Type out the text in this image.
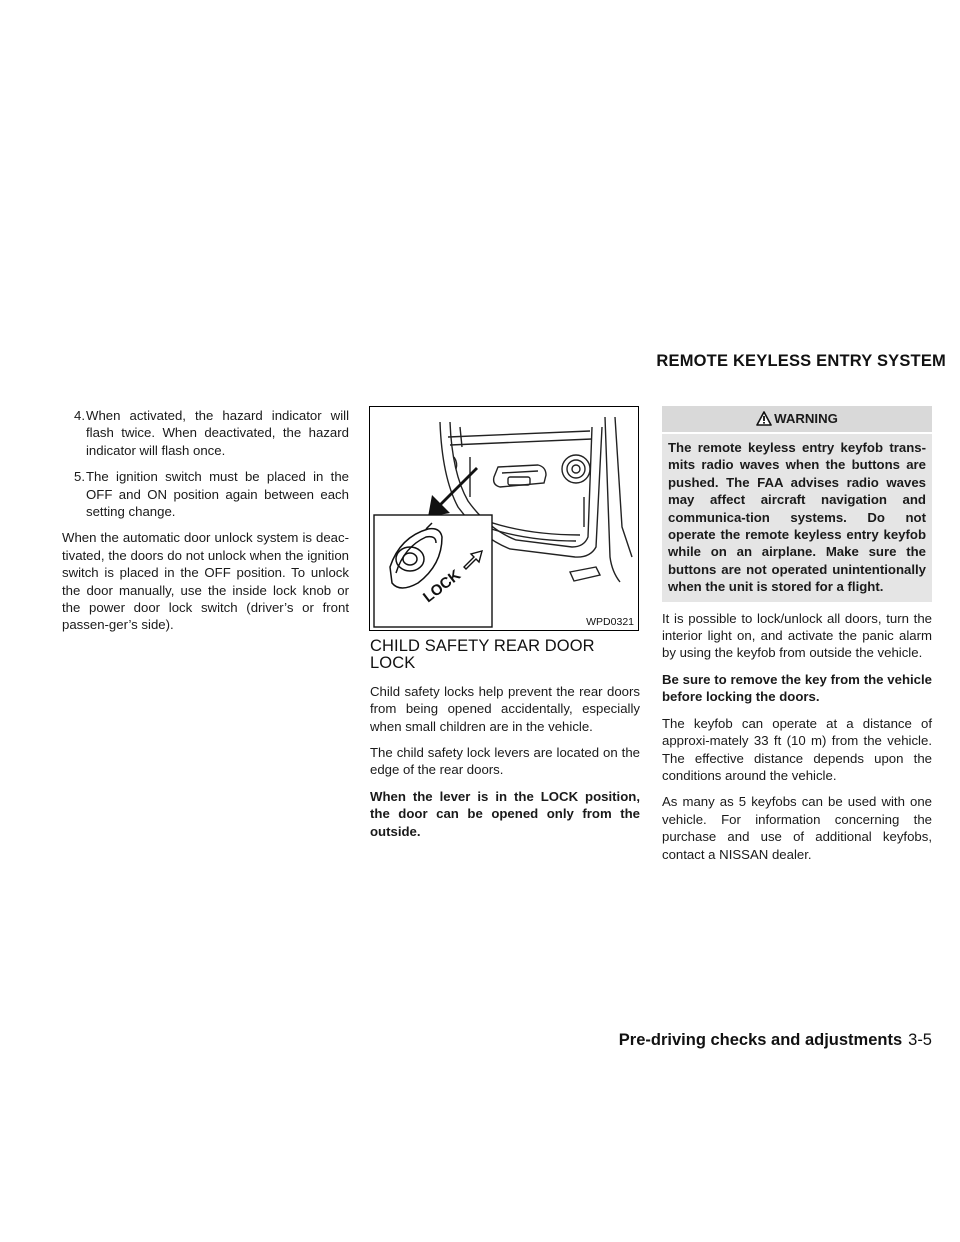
REMOTE KEYLESS ENTRY SYSTEM
4. When activated, the hazard indicator will flash twice. When deactivated, the hazard indicator will flash once.
5. The ignition switch must be placed in the OFF and ON position again between each setting change.

When the automatic door unlock system is deac-tivated, the doors do not unlock when the ignition switch is placed in the OFF position. To unlock the door manually, use the inside lock knob or the power door lock switch (driver’s or front passen-ger’s side).

LOCK
WPD0321
CHILD SAFETY REAR DOOR LOCK

Child safety locks help prevent the rear doors from being opened accidentally, especially when small children are in the vehicle.

The child safety lock levers are located on the edge of the rear doors.

When the lever is in the LOCK position, the door can be opened only from the outside.

WARNING
The remote keyless entry keyfob trans-mits radio waves when the buttons are pushed. The FAA advises radio waves may affect aircraft navigation and communica-tion systems. Do not operate the remote keyless entry keyfob while on an airplane. Make sure the buttons are not operated unintentionally when the unit is stored for a flight.

It is possible to lock/unlock all doors, turn the interior light on, and activate the panic alarm by using the keyfob from outside the vehicle.

Be sure to remove the key from the vehicle before locking the doors.

The keyfob can operate at a distance of approxi-mately 33 ft (10 m) from the vehicle. The effective distance depends upon the conditions around the vehicle.

As many as 5 keyfobs can be used with one vehicle. For information concerning the purchase and use of additional keyfobs, contact a NISSAN dealer.

Pre-driving checks and adjustments 3-5
